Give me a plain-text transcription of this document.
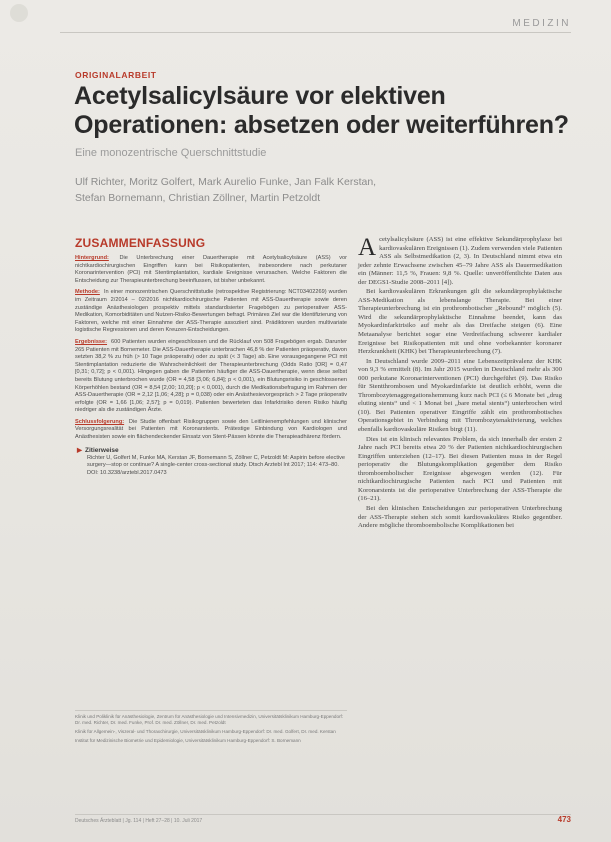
MEDIZIN
ORIGINALARBEIT
Acetylsalicylsäure vor elektiven Operationen: absetzen oder weiterführen?
Eine monozentrische Querschnittstudie
Ulf Richter, Moritz Golfert, Mark Aurelio Funke, Jan Falk Kerstan, Stefan Bornemann, Christian Zöllner, Martin Petzoldt
ZUSAMMENFASSUNG

Hintergrund: Die Unterbrechung einer Dauertherapie mit Acetylsalicylsäure (ASS) vor nichtkardiochirurgischen Eingriffen kann bei Risikopatienten, insbesondere nach perkutaner Koronarintervention (PCI) mit Stentimplantation, kardiale Ereignisse verursachen. Welche Faktoren die Entscheidung zur Therapieunterbrechung beeinflussen, ist bisher unbekannt.

Methode: In einer monozentrischen Querschnittstudie (retrospektive Registrierung: NCT03402269) wurden im Zeitraum 2/2014 – 02/2016 nichtkardiochirurgische Patienten mit ASS-Dauertherapie sowie deren zuständige Anästhesiologen prospektiv mittels standardisierter Fragebögen zu perioperativer ASS-Medikation, Komorbiditäten und Nutzen-Risiko-Bewertungen befragt. Primäres Ziel war die Identifizierung von Faktoren, welche mit einer Einnahme der ASS-Therapie assoziiert sind. Prädiktoren wurden multivariate logistische Regressionen und deren Kreuzen-Entscheidungen.

Ergebnisse: 600 Patienten wurden eingeschlossen und die Rücklauf von 508 Fragebögen ergab. Darunter 265 Patienten mit Bornemeter. Die ASS-Dauertherapie unterbrachen 46,8 % der Patienten präoperativ, davon setzten 38,2 % zu früh (> 10 Tage präoperativ) oder zu spät (< 3 Tage) ab. Eine vorausgegangene PCI mit Stentimplantation reduzierte die Wahrscheinlichkeit der Therapieunterbrechung (Odds Ratio [OR] = 0,47 [0,31; 0,72]; p < 0,001). Hingegen gaben die Patienten häufiger die ASS-Dauertherapie, wenn diese selbst bereits Blutung unterbrochen wurde (OR = 4,58 [3,06; 6,84]; p < 0,001), ein Blutungsrisiko in geschlossenen Körperhöhlen bestand (OR = 8,54 [2,00; 10,20]; p < 0,001), durch die Medikationsbefragung im Rahmen der ASS-Dauertherapie (OR = 2,12 [1,06; 4,28]; p = 0,038) oder ein Anästhesievorgespräch > 2 Tage präoperativ erfolgte (OR = 1,66 [1,06; 2,57]; p = 0,019). Patienten bewerteten das Infarktrisiko deren Risiko häufig niedriger als die zuständigen Ärzte.

Schlussfolgerung: Die Studie offenbart Risikogruppen sowie den Leitlinienempfehlungen und klinischer Versorgungsrealität bei Patienten mit Koronarstents. Prätestige Einbindung von Kardiologen und Anästhesisten sowie ein flächendeckender Einsatz von Stent-Pässen könnte die Therapieadhärenz fördern.

▶ Zitierweise

Richter U, Golfert M, Funke MA, Kerstan JF, Bornemann S, Zöllner C, Petzoldt M: Aspirin before elective surgery—stop or continue? A single-center cross-sectional study. Dtsch Arztebl Int 2017; 114: 473–80. DOI: 10.3238/arztebl.2017.0473

Acetylsalicylsäure (ASS) ist eine effektive Sekundärprophylaxe bei kardiovaskulären Ereignissen (1). Zudem verwenden viele Patienten ASS als Selbstmedikation (2, 3). In Deutschland nimmt etwa ein jeder zehnte Erwachsene zwischen 45–79 Jahre ASS als Dauermedikation ein (Männer: 11,5 %, Frauen: 9,8 %. Quelle: unveröffentlichte Daten aus der DEGS1-Studie 2008–2011 [4]).

Bei kardiovaskulären Erkrankungen gilt die sekundärprophylaktische ASS-Medikation als lebenslange Therapie. Bei einer Therapieunterbrechung ist ein prothrombotischer „Rebound“ möglich (5). Wird die sekundärprophylaktische Einnahme beendet, kann das Myokardinfarktrisiko auf mehr als das Dreifache steigen (6). Eine Metaanalyse berichtet sogar eine Verdreifachung schwerer kardialer Ereignisse bei Risikopatienten mit und ohne vorbekannter koronarer Herzkrankheit (KHK) bei Therapieunterbrechung (7).

In Deutschland wurde 2009–2011 eine Lebenszeitprävalenz der KHK von 9,3 % ermittelt (8). Im Jahr 2015 wurden in Deutschland mehr als 300 000 perkutane Koronarinterventionen (PCI) durchgeführt (9). Das Risiko für Stentthrombosen und Myokardinfarkte ist deutlich erhöht, wenn die Thrombozytenaggregationshemmung kurz nach PCI (≤ 6 Monate bei „drug eluting stents“ und < 1 Monat bei „bare metal stents“) unterbrochen wird (10). Bei Patienten operativer Eingriffe zählt ein prothrombotisches Operationsgebiet in Verbindung mit Thrombozytenaktivierung, welches ebenfalls kardiovaskuläre Risiken birgt (11).

Dies ist ein klinisch relevantes Problem, da sich innerhalb der ersten 2 Jahre nach PCI bereits etwa 20 % der Patienten nichtkardiochirurgischen Eingriffen unterziehen (12–17). Bei diesen Patienten muss in der Regel perioperativ die Blutungskomplikation gegenüber dem Risiko thromboembolischer Ereignisse abgewogen werden (12). Für nichtkardiochirurgische Patienten nach PCI und Patienten mit Koronarstents ist die perioperative Unterbrechung der ASS-Therapie die (16–21).

Bei den klinischen Entscheidungen zur perioperativen Unterbrechung der ASS-Therapie stehen sich somit kardiovaskuläres Risiko gegenüber. Andere mögliche thromboembolische Komplikationen bei

Klinik und Poliklinik für Anästhesiologie, Zentrum für Anästhesiologie und Intensivmedizin, Universitätsklinikum Hamburg-Eppendorf: Dr. med. Richter, Dr. med. Funke, Prof. Dr. med. Zöllner, Dr. med. Petzoldt

Klinik für Allgemein-, Viszeral- und Thoraxchirurgie, Universitätsklinikum Hamburg-Eppendorf: Dr. med. Golfert, Dr. med. Kerstan

Institut für Medizinische Biometrie und Epidemiologie, Universitätsklinikum Hamburg-Eppendorf: S. Bornemann

Deutsches Ärzteblatt | Jg. 114 | Heft 27–28 | 10. Juli 2017	473
